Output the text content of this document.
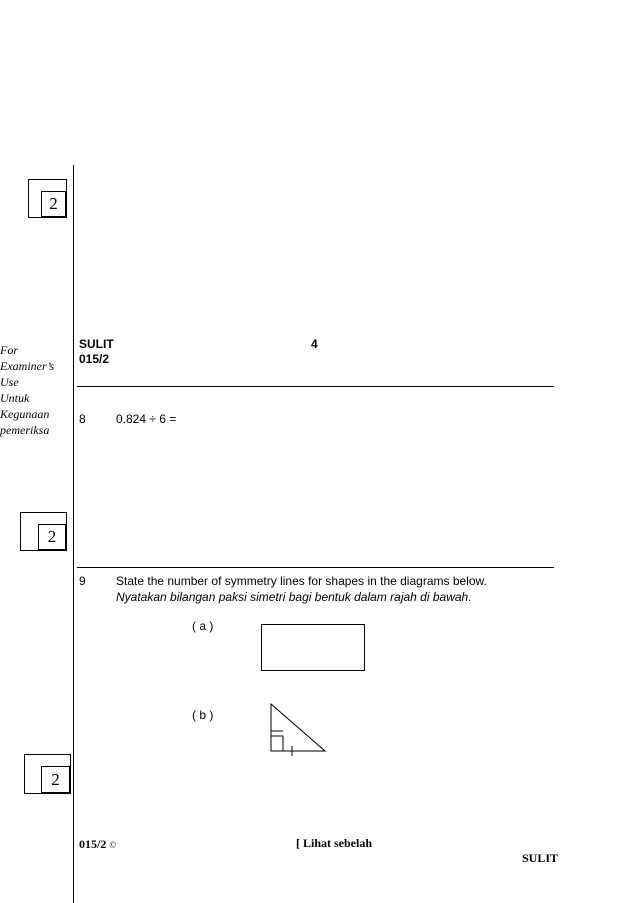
2
SULIT	4
015/2
For
Examiner’s
Use
Untuk
Kegunaan
pemeriksa
8	0.824 ÷ 6 =
2
9	State the number of symmetry lines for shapes in the diagrams below.
Nyatakan bilangan paksi simetri bagi bentuk dalam rajah di bawah.
( a )
( b )
2
015/2 ©	[ Lihat sebelah
SULIT
